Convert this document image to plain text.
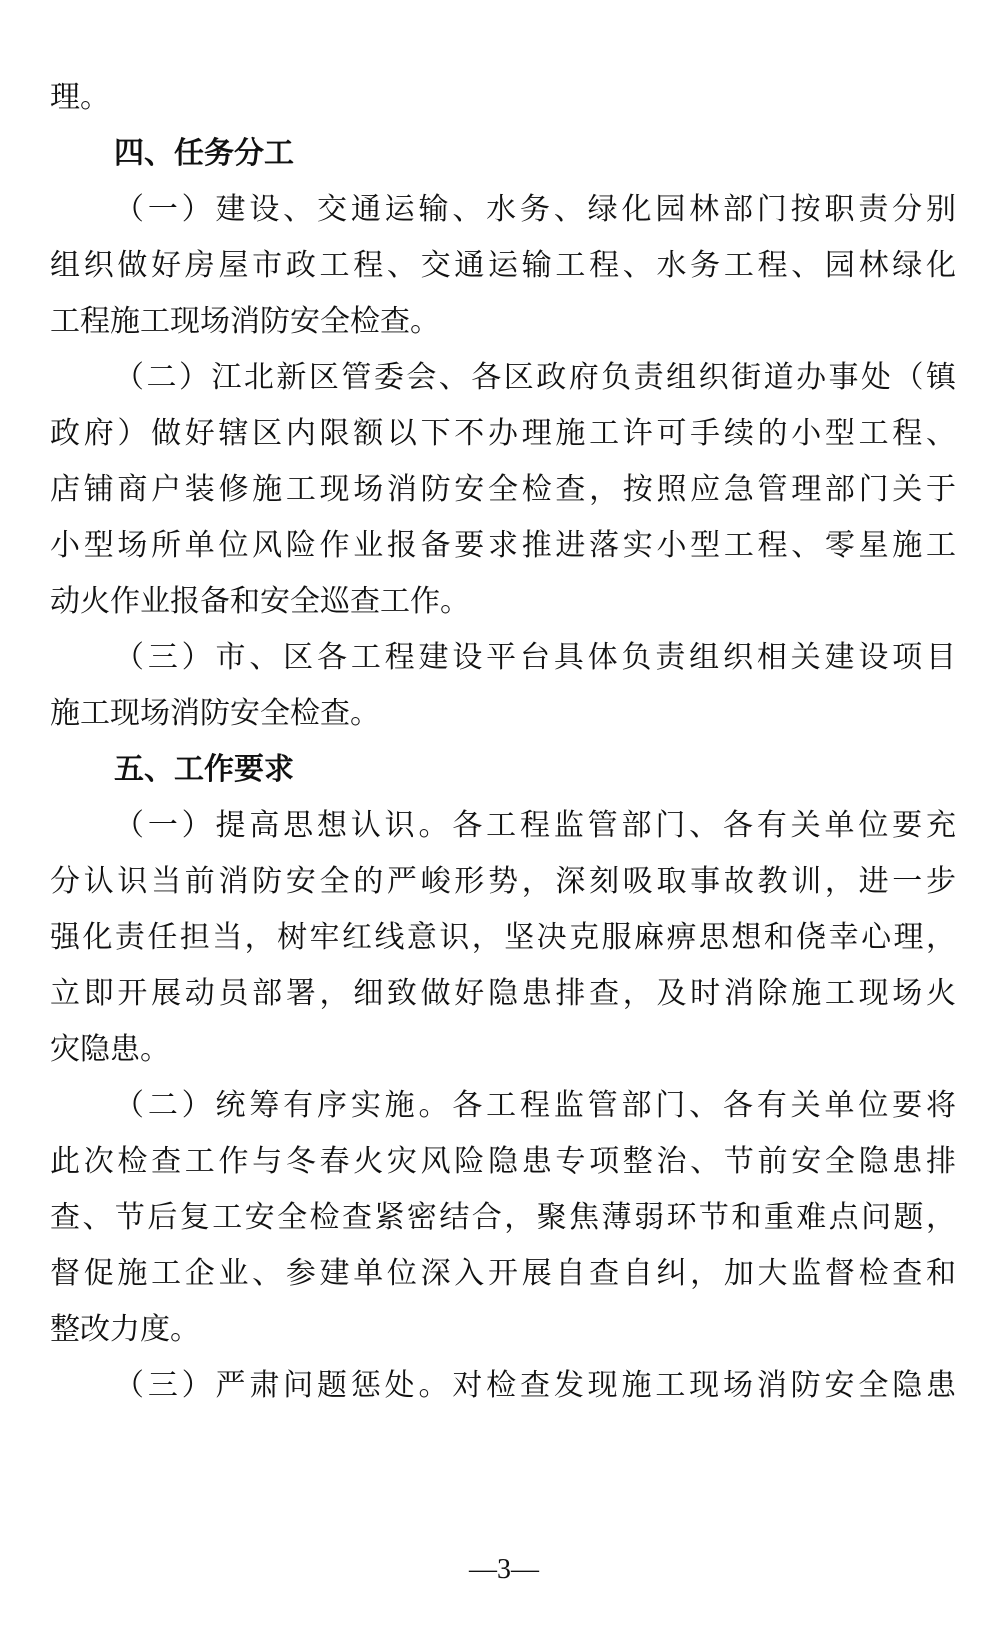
理。
四、任务分工
（一）建设、交通运输、水务、绿化园林部门按职责分别
组织做好房屋市政工程、交通运输工程、水务工程、园林绿化
工程施工现场消防安全检查。
（二）江北新区管委会、各区政府负责组织街道办事处（镇
政府）做好辖区内限额以下不办理施工许可手续的小型工程、
店铺商户装修施工现场消防安全检查，按照应急管理部门关于
小型场所单位风险作业报备要求推进落实小型工程、零星施工
动火作业报备和安全巡查工作。
（三）市、区各工程建设平台具体负责组织相关建设项目
施工现场消防安全检查。
五、工作要求
（一）提高思想认识。各工程监管部门、各有关单位要充
分认识当前消防安全的严峻形势，深刻吸取事故教训，进一步
强化责任担当，树牢红线意识，坚决克服麻痹思想和侥幸心理，
立即开展动员部署，细致做好隐患排查，及时消除施工现场火
灾隐患。
（二）统筹有序实施。各工程监管部门、各有关单位要将
此次检查工作与冬春火灾风险隐患专项整治、节前安全隐患排
查、节后复工安全检查紧密结合，聚焦薄弱环节和重难点问题，
督促施工企业、参建单位深入开展自查自纠，加大监督检查和
整改力度。
（三）严肃问题惩处。对检查发现施工现场消防安全隐患
—3—
